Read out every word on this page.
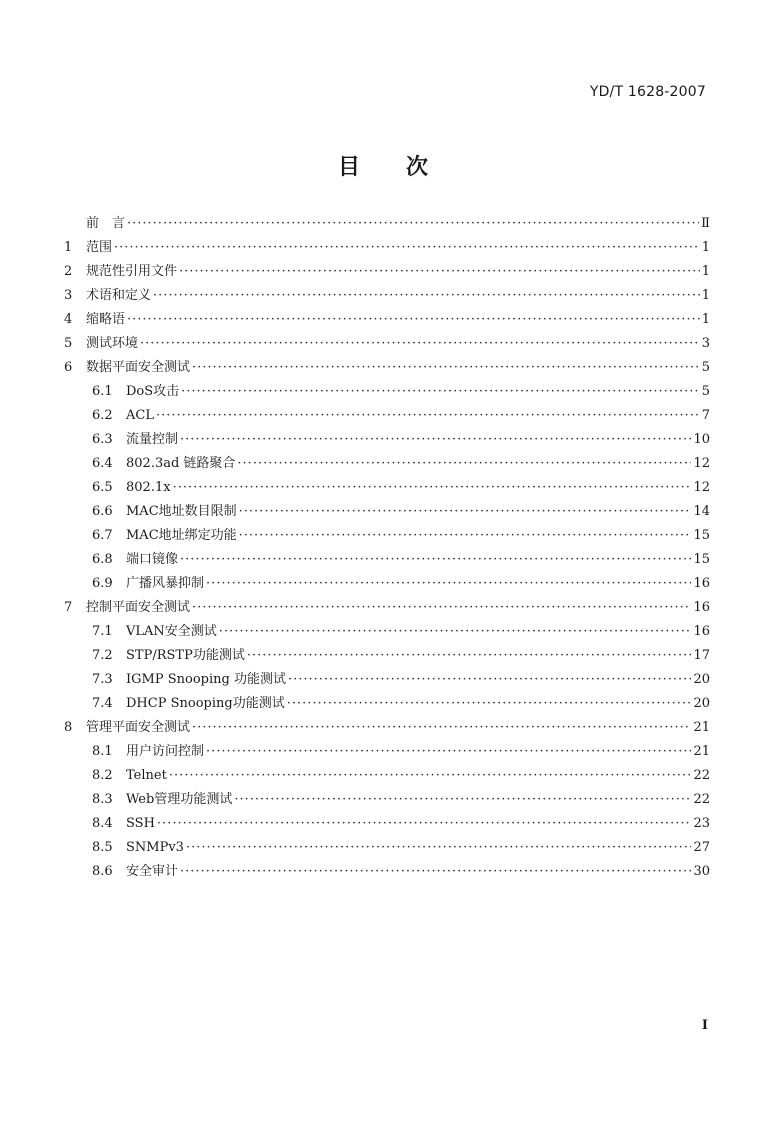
YD/T 1628-2007
目 次
前　言 ·····	Ⅱ
1	范围 ·····	1
2	规范性引用文件 ·····	1
3	术语和定义 ·····	1
4	缩略语 ·····	1
5	测试环境 ·····	3
6	数据平面安全测试 ·····	5
6.1	DoS攻击 ·····	5
6.2	ACL ·····	7
6.3	流量控制 ·····	10
6.4	802.3ad 链路聚合 ·····	12
6.5	802.1x ·····	12
6.6	MAC地址数目限制 ·····	14
6.7	MAC地址绑定功能 ·····	15
6.8	端口镜像 ·····	15
6.9	广播风暴抑制 ·····	16
7	控制平面安全测试 ·····	16
7.1	VLAN安全测试 ·····	16
7.2	STP/RSTP功能测试 ·····	17
7.3	IGMP Snooping 功能测试 ·····	20
7.4	DHCP Snooping功能测试 ·····	20
8	管理平面安全测试 ·····	21
8.1	用户访问控制 ·····	21
8.2	Telnet ·····	22
8.3	Web管理功能测试 ·····	22
8.4	SSH ·····	23
8.5	SNMPv3 ·····	27
8.6	安全审计 ·····	30
I
